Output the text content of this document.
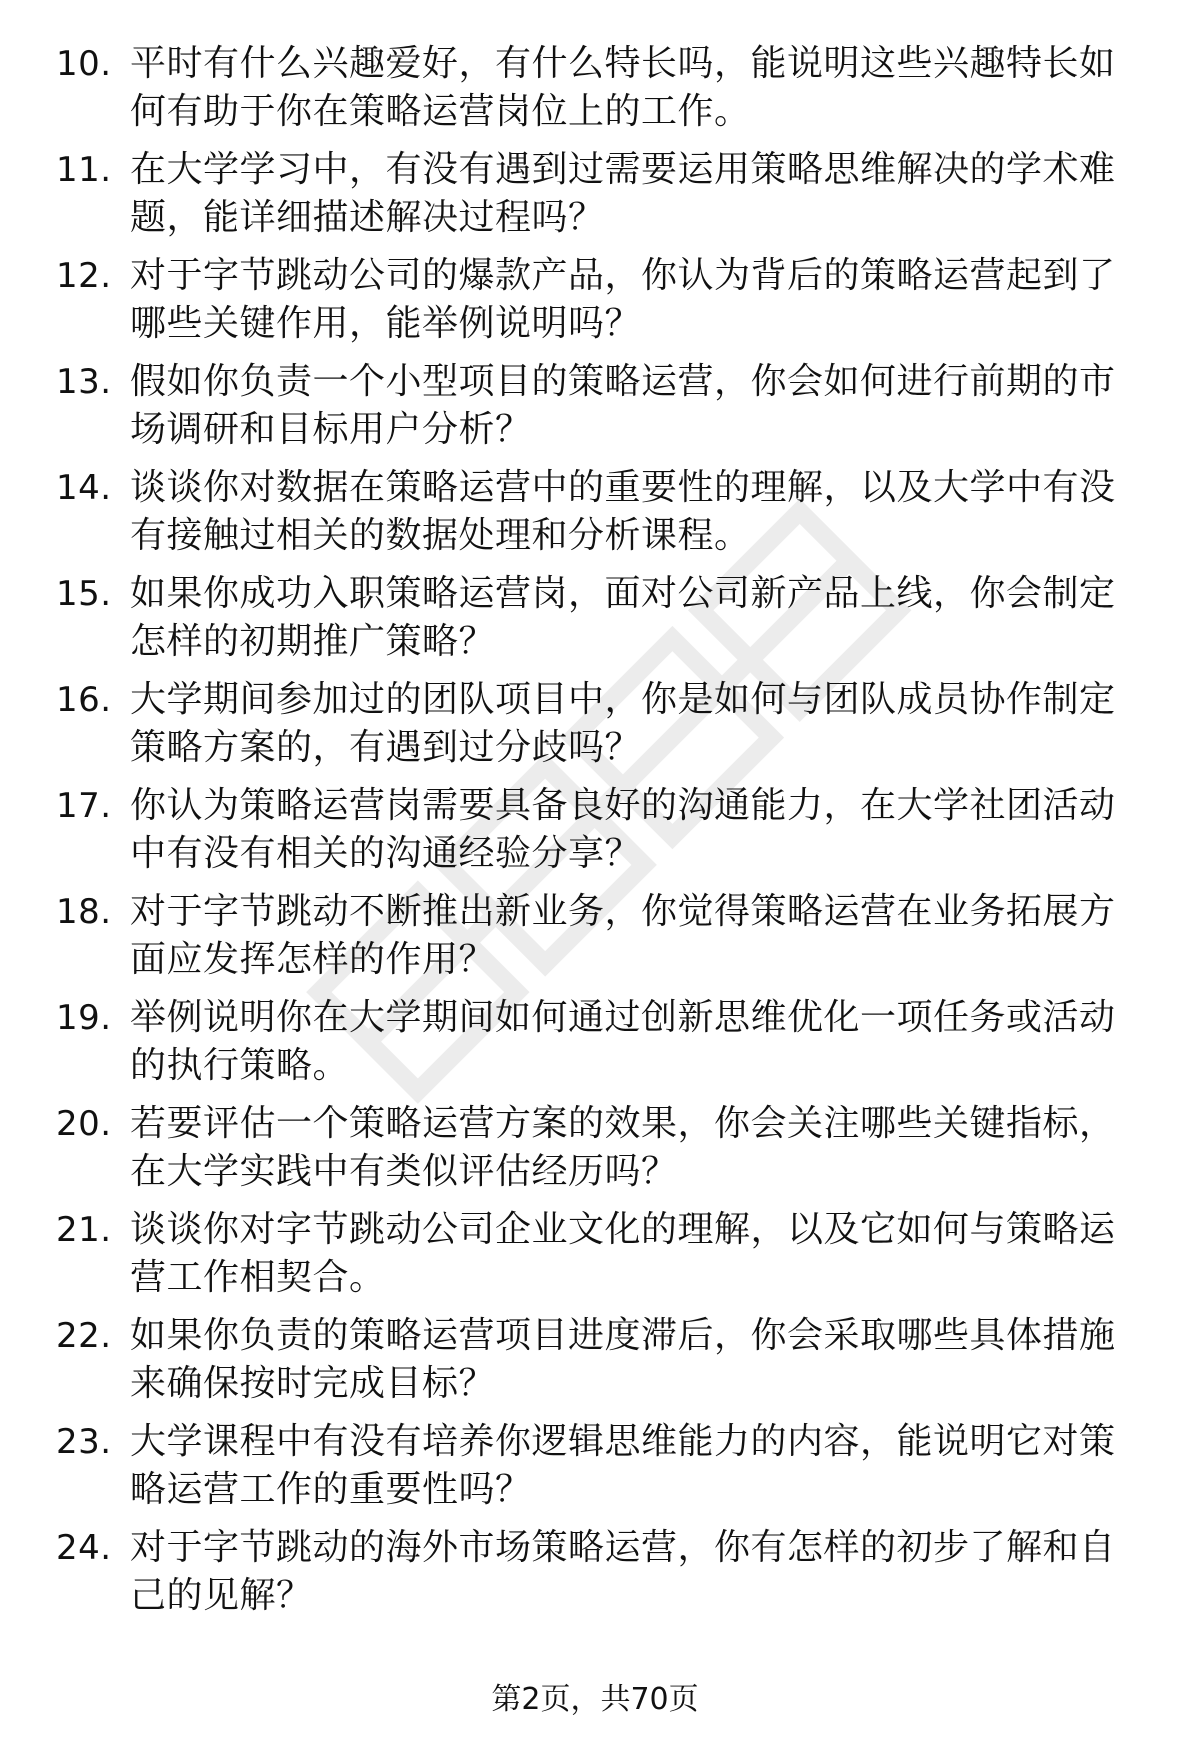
10. 平时有什么兴趣爱好，有什么特长吗，能说明这些兴趣特长如何有助于你在策略运营岗位上的工作。
11. 在大学学习中，有没有遇到过需要运用策略思维解决的学术难题，能详细描述解决过程吗？
12. 对于字节跳动公司的爆款产品，你认为背后的策略运营起到了哪些关键作用，能举例说明吗？
13. 假如你负责一个小型项目的策略运营，你会如何进行前期的市场调研和目标用户分析？
14. 谈谈你对数据在策略运营中的重要性的理解，以及大学中有没有接触过相关的数据处理和分析课程。
15. 如果你成功入职策略运营岗，面对公司新产品上线，你会制定怎样的初期推广策略？
16. 大学期间参加过的团队项目中，你是如何与团队成员协作制定策略方案的，有遇到过分歧吗？
17. 你认为策略运营岗需要具备良好的沟通能力，在大学社团活动中有没有相关的沟通经验分享？
18. 对于字节跳动不断推出新业务，你觉得策略运营在业务拓展方面应发挥怎样的作用？
19. 举例说明你在大学期间如何通过创新思维优化一项任务或活动的执行策略。
20. 若要评估一个策略运营方案的效果，你会关注哪些关键指标，在大学实践中有类似评估经历吗？
21. 谈谈你对字节跳动公司企业文化的理解，以及它如何与策略运营工作相契合。
22. 如果你负责的策略运营项目进度滞后，你会采取哪些具体措施来确保按时完成目标？
23. 大学课程中有没有培养你逻辑思维能力的内容，能说明它对策略运营工作的重要性吗？
24. 对于字节跳动的海外市场策略运营，你有怎样的初步了解和自己的见解？
第2页，共70页
